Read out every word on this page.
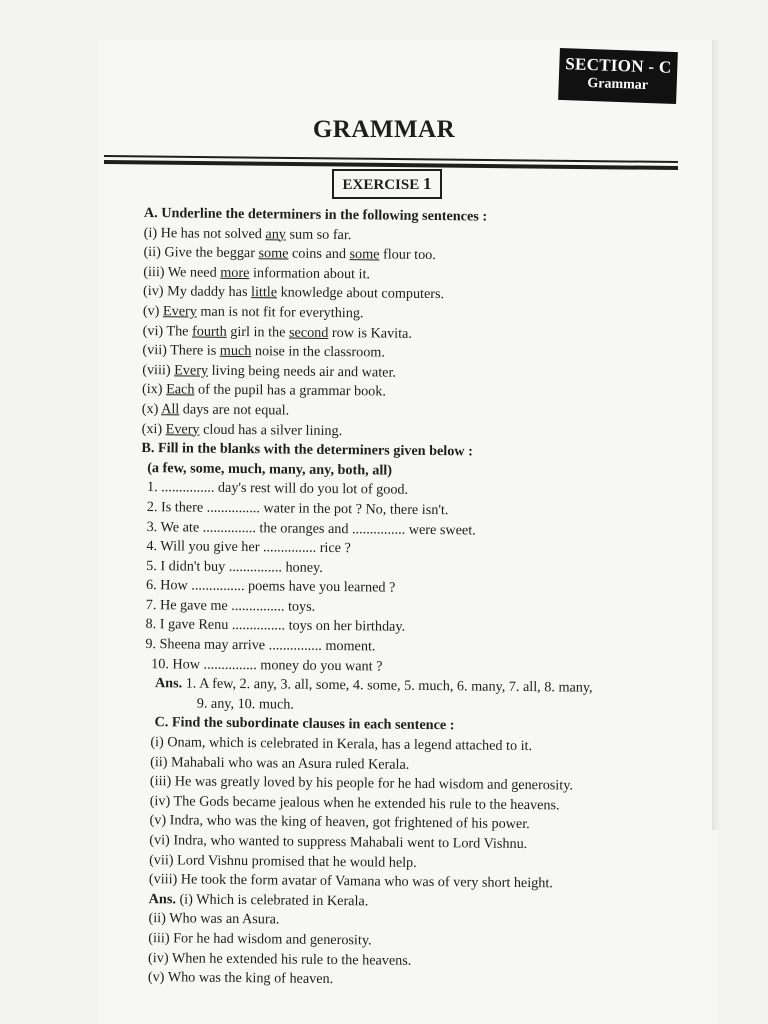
SECTION - C
Grammar
GRAMMAR
EXERCISE 1
A. Underline the determiners in the following sentences :
(i) He has not solved any sum so far.
(ii) Give the beggar some coins and some flour too.
(iii) We need more information about it.
(iv) My daddy has little knowledge about computers.
(v) Every man is not fit for everything.
(vi) The fourth girl in the second row is Kavita.
(vii) There is much noise in the classroom.
(viii) Every living being needs air and water.
(ix) Each of the pupil has a grammar book.
(x) All days are not equal.
(xi) Every cloud has a silver lining.
B. Fill in the blanks with the determiners given below :
(a few, some, much, many, any, both, all)
1. ............... day's rest will do you lot of good.
2. Is there ............... water in the pot ? No, there isn't.
3. We ate ............... the oranges and ............... were sweet.
4. Will you give her ............... rice ?
5. I didn't buy ............... honey.
6. How ............... poems have you learned ?
7. He gave me ............... toys.
8. I gave Renu ............... toys on her birthday.
9. Sheena may arrive ............... moment.
10. How ............... money do you want ?
Ans. 1. A few, 2. any, 3. all, some, 4. some, 5. much, 6. many, 7. all, 8. many,
9. any, 10. much.
C. Find the subordinate clauses in each sentence :
(i) Onam, which is celebrated in Kerala, has a legend attached to it.
(ii) Mahabali who was an Asura ruled Kerala.
(iii) He was greatly loved by his people for he had wisdom and generosity.
(iv) The Gods became jealous when he extended his rule to the heavens.
(v) Indra, who was the king of heaven, got frightened of his power.
(vi) Indra, who wanted to suppress Mahabali went to Lord Vishnu.
(vii) Lord Vishnu promised that he would help.
(viii) He took the form avatar of Vamana who was of very short height.
Ans. (i) Which is celebrated in Kerala.
(ii) Who was an Asura.
(iii) For he had wisdom and generosity.
(iv) When he extended his rule to the heavens.
(v) Who was the king of heaven.
